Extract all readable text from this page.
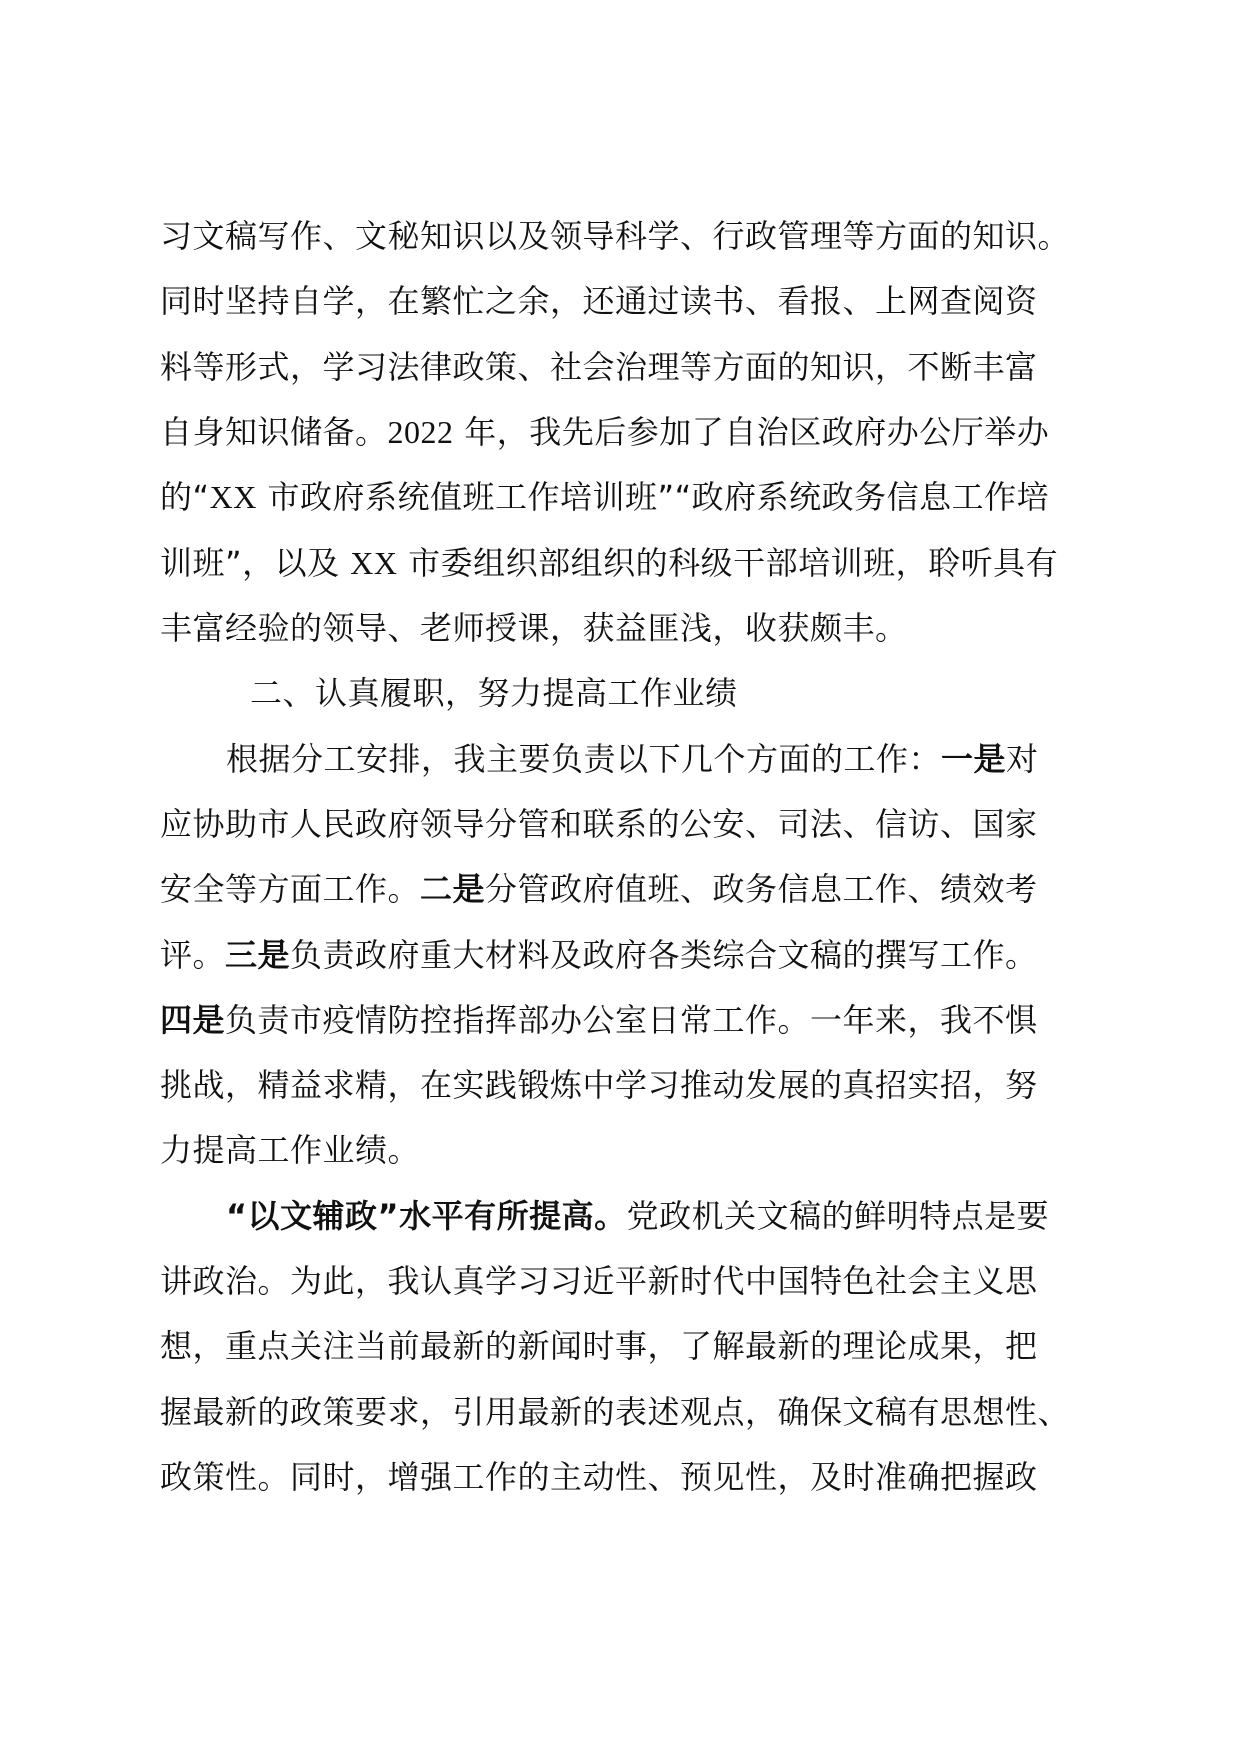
习文稿写作、文秘知识以及领导科学、行政管理等方面的知识。
同时坚持自学，在繁忙之余，还通过读书、看报、上网查阅资
料等形式，学习法律政策、社会治理等方面的知识，不断丰富
自身知识储备。2022 年，我先后参加了自治区政府办公厅举办
的“XX 市政府系统值班工作培训班”“政府系统政务信息工作培
训班”，以及 XX 市委组织部组织的科级干部培训班，聆听具有
丰富经验的领导、老师授课，获益匪浅，收获颇丰。
二、认真履职，努力提高工作业绩
根据分工安排，我主要负责以下几个方面的工作：一是对
应协助市人民政府领导分管和联系的公安、司法、信访、国家
安全等方面工作。二是分管政府值班、政务信息工作、绩效考
评。三是负责政府重大材料及政府各类综合文稿的撰写工作。
四是负责市疫情防控指挥部办公室日常工作。一年来，我不惧
挑战，精益求精，在实践锻炼中学习推动发展的真招实招，努
力提高工作业绩。
“以文辅政”水平有所提高。党政机关文稿的鲜明特点是要
讲政治。为此，我认真学习习近平新时代中国特色社会主义思
想，重点关注当前最新的新闻时事，了解最新的理论成果，把
握最新的政策要求，引用最新的表述观点，确保文稿有思想性、
政策性。同时，增强工作的主动性、预见性，及时准确把握政
